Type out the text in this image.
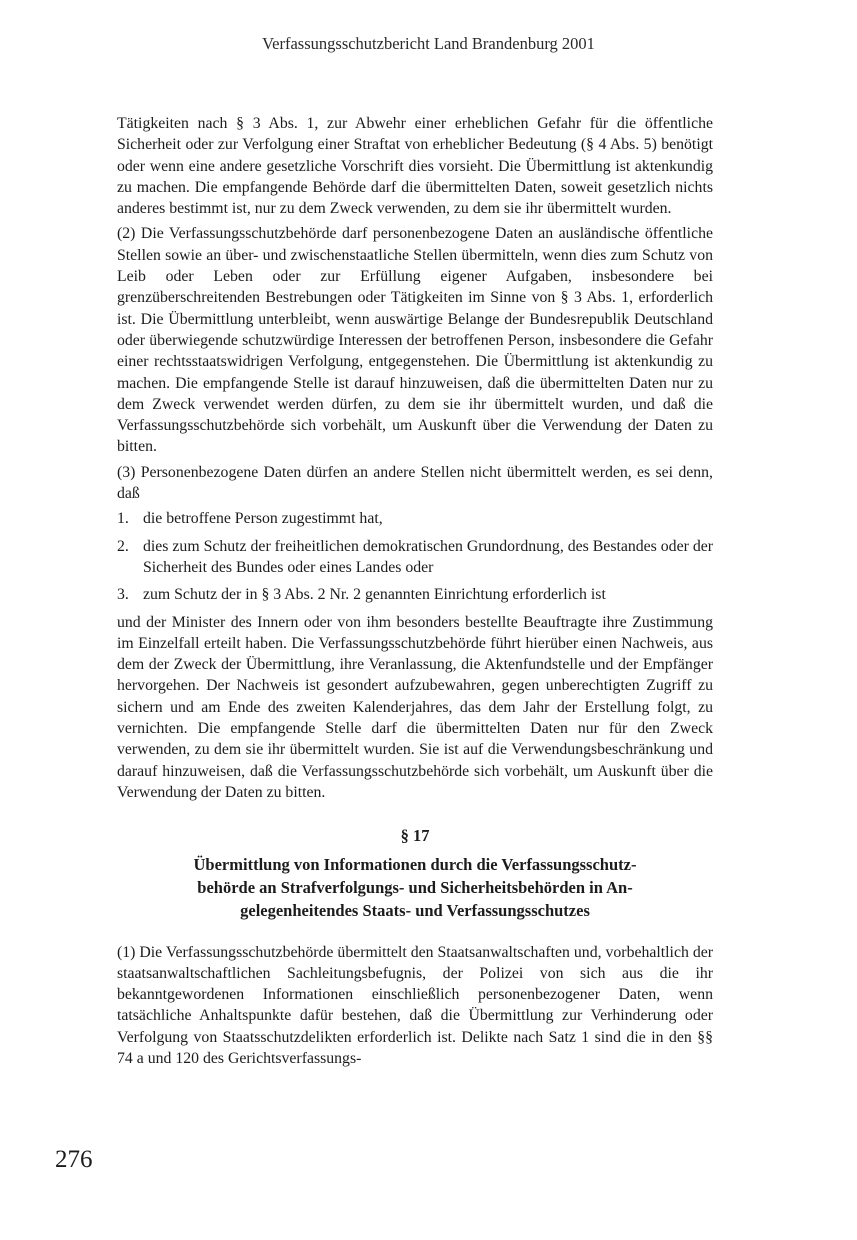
Verfassungsschutzbericht Land Brandenburg 2001

Tätigkeiten nach § 3 Abs. 1, zur Abwehr einer erheblichen Gefahr für die öffentliche Sicherheit oder zur Verfolgung einer Straftat von erheblicher Bedeutung (§ 4 Abs. 5) benötigt oder wenn eine andere gesetzliche Vorschrift dies vorsieht. Die Übermittlung ist aktenkundig zu machen. Die empfangende Behörde darf die übermittelten Daten, soweit gesetzlich nichts anderes bestimmt ist, nur zu dem Zweck verwenden, zu dem sie ihr übermittelt wurden.

(2) Die Verfassungsschutzbehörde darf personenbezogene Daten an ausländische öffentliche Stellen sowie an über- und zwischenstaatliche Stellen übermitteln, wenn dies zum Schutz von Leib oder Leben oder zur Erfüllung eigener Aufgaben, insbesondere bei grenzüberschreitenden Bestrebungen oder Tätigkeiten im Sinne von § 3 Abs. 1, erforderlich ist. Die Übermittlung unterbleibt, wenn auswärtige Belange der Bundesrepublik Deutschland oder überwiegende schutzwürdige Interessen der betroffenen Person, insbesondere die Gefahr einer rechtsstaatswidrigen Verfolgung, entgegenstehen. Die Übermittlung ist aktenkundig zu machen. Die empfangende Stelle ist darauf hinzuweisen, daß die übermittelten Daten nur zu dem Zweck verwendet werden dürfen, zu dem sie ihr übermittelt wurden, und daß die Verfassungsschutzbehörde sich vorbehält, um Auskunft über die Verwendung der Daten zu bitten.

(3) Personenbezogene Daten dürfen an andere Stellen nicht übermittelt werden, es sei denn, daß

1. die betroffene Person zugestimmt hat,
2. dies zum Schutz der freiheitlichen demokratischen Grundordnung, des Bestandes oder der Sicherheit des Bundes oder eines Landes oder
3. zum Schutz der in § 3 Abs. 2 Nr. 2 genannten Einrichtung erforderlich ist

und der Minister des Innern oder von ihm besonders bestellte Beauftragte ihre Zustimmung im Einzelfall erteilt haben. Die Verfassungsschutzbehörde führt hierüber einen Nachweis, aus dem der Zweck der Übermittlung, ihre Veranlassung, die Aktenfundstelle und der Empfänger hervorgehen. Der Nachweis ist gesondert aufzubewahren, gegen unberechtigten Zugriff zu sichern und am Ende des zweiten Kalenderjahres, das dem Jahr der Erstellung folgt, zu vernichten. Die empfangende Stelle darf die übermittelten Daten nur für den Zweck verwenden, zu dem sie ihr übermittelt wurden. Sie ist auf die Verwendungsbeschränkung und darauf hinzuweisen, daß die Verfassungsschutzbehörde sich vorbehält, um Auskunft über die Verwendung der Daten zu bitten.

§ 17
Übermittlung von Informationen durch die Verfassungsschutz-
behörde an Strafverfolgungs- und Sicherheitsbehörden in An-
gelegenheitendes Staats- und Verfassungsschutzes

(1) Die Verfassungsschutzbehörde übermittelt den Staatsanwaltschaften und, vorbehaltlich der staatsanwaltschaftlichen Sachleitungsbefugnis, der Polizei von sich aus die ihr bekanntgewordenen Informationen einschließlich personenbezogener Daten, wenn tatsächliche Anhaltspunkte dafür bestehen, daß die Übermittlung zur Verhinderung oder Verfolgung von Staatsschutzdelikten erforderlich ist. Delikte nach Satz 1 sind die in den §§ 74 a und 120 des Gerichtsverfassungs-

276
